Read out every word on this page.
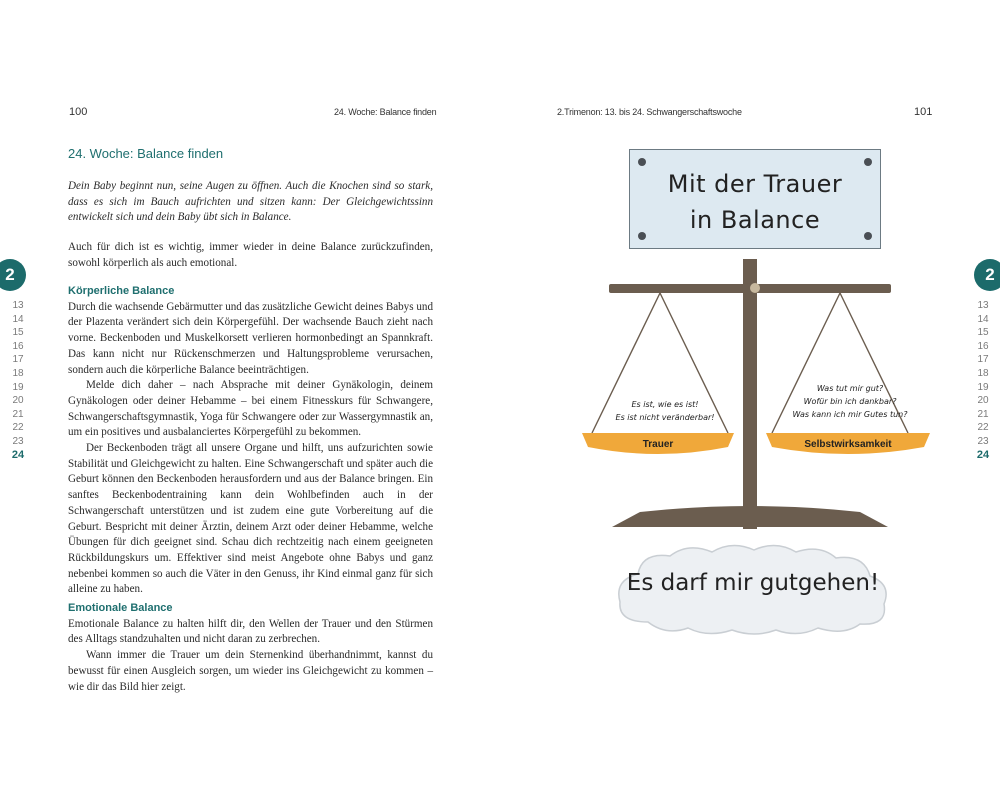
100	24. Woche: Balance finden
24. Woche: Balance finden

Dein Baby beginnt nun, seine Augen zu öffnen. Auch die Knochen sind so stark, dass es sich im Bauch aufrichten und sitzen kann: Der Gleichgewichtssinn entwickelt sich und dein Baby übt sich in Balance.

Auch für dich ist es wichtig, immer wieder in deine Balance zurückzufinden, sowohl körperlich als auch emotional.

Körperliche Balance

Durch die wachsende Gebärmutter und das zusätzliche Gewicht deines Babys und der Plazenta verändert sich dein Körpergefühl. Der wachsende Bauch zieht nach vorne. Beckenboden und Muskelkorsett verlieren hormonbedingt an Spannkraft. Das kann nicht nur Rückenschmerzen und Haltungsprobleme verursachen, sondern auch die körperliche Balance beeinträchtigen.

Melde dich daher – nach Absprache mit deiner Gynäkologin, deinem Gynäkologen oder deiner Hebamme – bei einem Fitnesskurs für Schwangere, Schwangerschaftsgymnastik, Yoga für Schwangere oder zur Wassergymnastik an, um ein positives und ausbalanciertes Körpergefühl zu bekommen.

Der Beckenboden trägt all unsere Organe und hilft, uns aufzurichten sowie Stabilität und Gleichgewicht zu halten. Eine Schwangerschaft und später auch die Geburt können den Beckenboden herausfordern und aus der Balance bringen. Ein sanftes Beckenbodentraining kann dein Wohlbefinden auch in der Schwangerschaft unterstützen und ist zudem eine gute Vorbereitung auf die Geburt. Bespricht mit deiner Ärztin, deinem Arzt oder deiner Hebamme, welche Übungen für dich geeignet sind. Schau dich rechtzeitig nach einem geeigneten Rückbildungskurs um. Effektiver sind meist Angebote ohne Babys und ganz nebenbei kommen so auch die Väter in den Genuss, ihr Kind einmal ganz für sich alleine zu haben.

Emotionale Balance

Emotionale Balance zu halten hilft dir, den Wellen der Trauer und den Stürmen des Alltags standzuhalten und nicht daran zu zerbrechen.

Wann immer die Trauer um dein Sternenkind überhandnimmt, kannst du bewusst für einen Ausgleich sorgen, um wieder ins Gleichgewicht zu kommen – wie dir das Bild hier zeigt.

2
13
14
15
16
17
18
19
20
21
22
23
24
2.Trimenon: 13. bis 24. Schwangerschaftswoche	101
Mit der Trauer
in Balance
Es ist, wie es ist!
Es ist nicht veränderbar!
Trauer
Was tut mir gut?
Wofür bin ich dankbar?
Was kann ich mir Gutes tun?
Selbstwirksamkeit
Es darf mir gutgehen!
2
13
14
15
16
17
18
19
20
21
22
23
24
